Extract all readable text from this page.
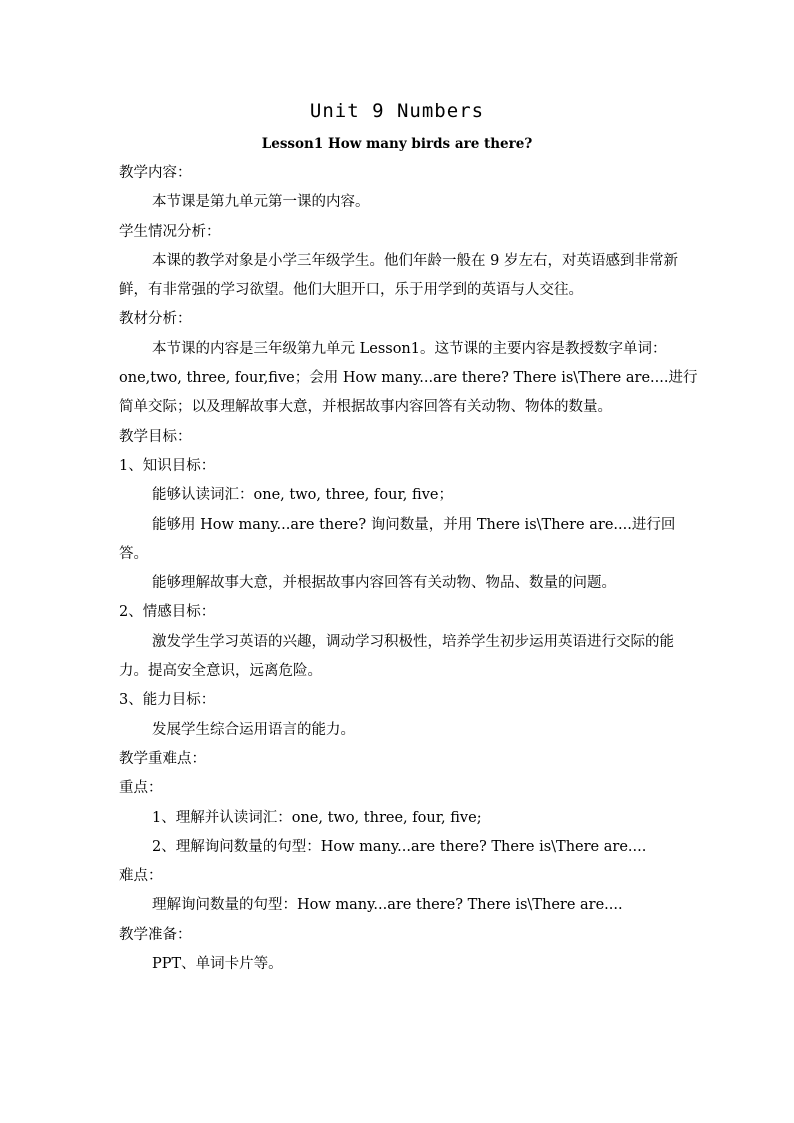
Unit 9 Numbers
Lesson1 How many birds are there?
教学内容：
本节课是第九单元第一课的内容。
学生情况分析：
本课的教学对象是小学三年级学生。他们年龄一般在 9 岁左右，对英语感到非常新鲜，有非常强的学习欲望。他们大胆开口，乐于用学到的英语与人交往。
教材分析：
本节课的内容是三年级第九单元 Lesson1。这节课的主要内容是教授数字单词：one,two, three, four,five；会用 How many...are there? There is\There are....进行简单交际；以及理解故事大意，并根据故事内容回答有关动物、物体的数量。
教学目标：
1、知识目标：
能够认读词汇：one, two, three, four, five；
能够用 How many...are there? 询问数量，并用 There is\There are....进行回答。
能够理解故事大意，并根据故事内容回答有关动物、物品、数量的问题。
2、情感目标：
激发学生学习英语的兴趣，调动学习积极性，培养学生初步运用英语进行交际的能力。提高安全意识，远离危险。
3、能力目标：
发展学生综合运用语言的能力。
教学重难点：
重点：
1、理解并认读词汇：one, two, three, four, five;
2、理解询问数量的句型：How many...are there? There is\There are....
难点：
理解询问数量的句型：How many...are there? There is\There are....
教学准备：
PPT、单词卡片等。
